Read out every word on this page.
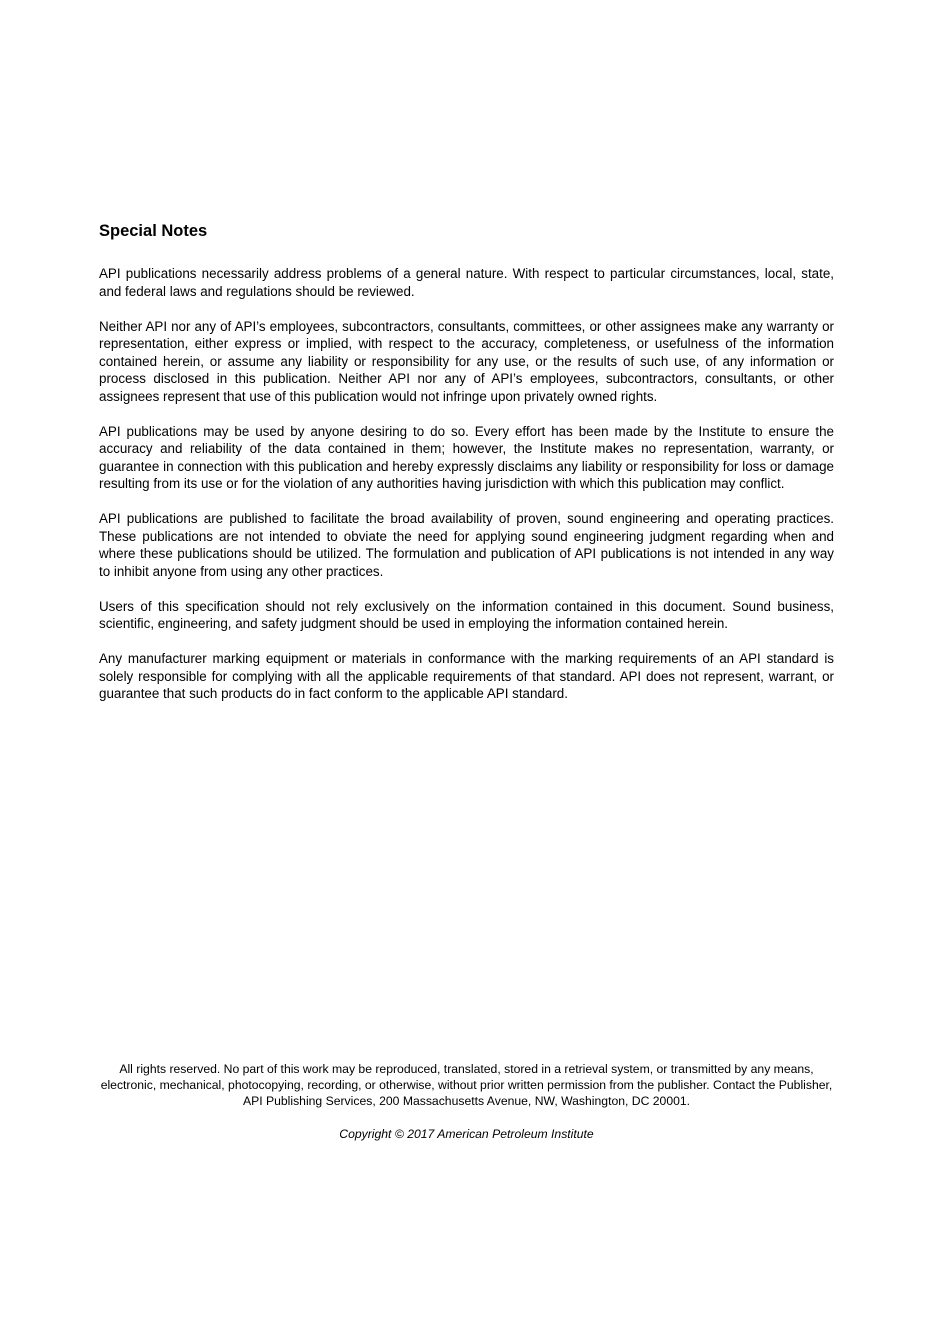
Special Notes

API publications necessarily address problems of a general nature. With respect to particular circumstances, local, state, and federal laws and regulations should be reviewed.

Neither API nor any of API’s employees, subcontractors, consultants, committees, or other assignees make any warranty or representation, either express or implied, with respect to the accuracy, completeness, or usefulness of the information contained herein, or assume any liability or responsibility for any use, or the results of such use, of any information or process disclosed in this publication. Neither API nor any of API’s employees, subcontractors, consultants, or other assignees represent that use of this publication would not infringe upon privately owned rights.

API publications may be used by anyone desiring to do so. Every effort has been made by the Institute to ensure the accuracy and reliability of the data contained in them; however, the Institute makes no representation, warranty, or guarantee in connection with this publication and hereby expressly disclaims any liability or responsibility for loss or damage resulting from its use or for the violation of any authorities having jurisdiction with which this publication may conflict.

API publications are published to facilitate the broad availability of proven, sound engineering and operating practices. These publications are not intended to obviate the need for applying sound engineering judgment regarding when and where these publications should be utilized. The formulation and publication of API publications is not intended in any way to inhibit anyone from using any other practices.

Users of this specification should not rely exclusively on the information contained in this document. Sound business, scientific, engineering, and safety judgment should be used in employing the information contained herein.

Any manufacturer marking equipment or materials in conformance with the marking requirements of an API standard is solely responsible for complying with all the applicable requirements of that standard. API does not represent, warrant, or guarantee that such products do in fact conform to the applicable API standard.

All rights reserved. No part of this work may be reproduced, translated, stored in a retrieval system, or transmitted by any means, electronic, mechanical, photocopying, recording, or otherwise, without prior written permission from the publisher. Contact the Publisher, API Publishing Services, 200 Massachusetts Avenue, NW, Washington, DC 20001.

Copyright © 2017 American Petroleum Institute
